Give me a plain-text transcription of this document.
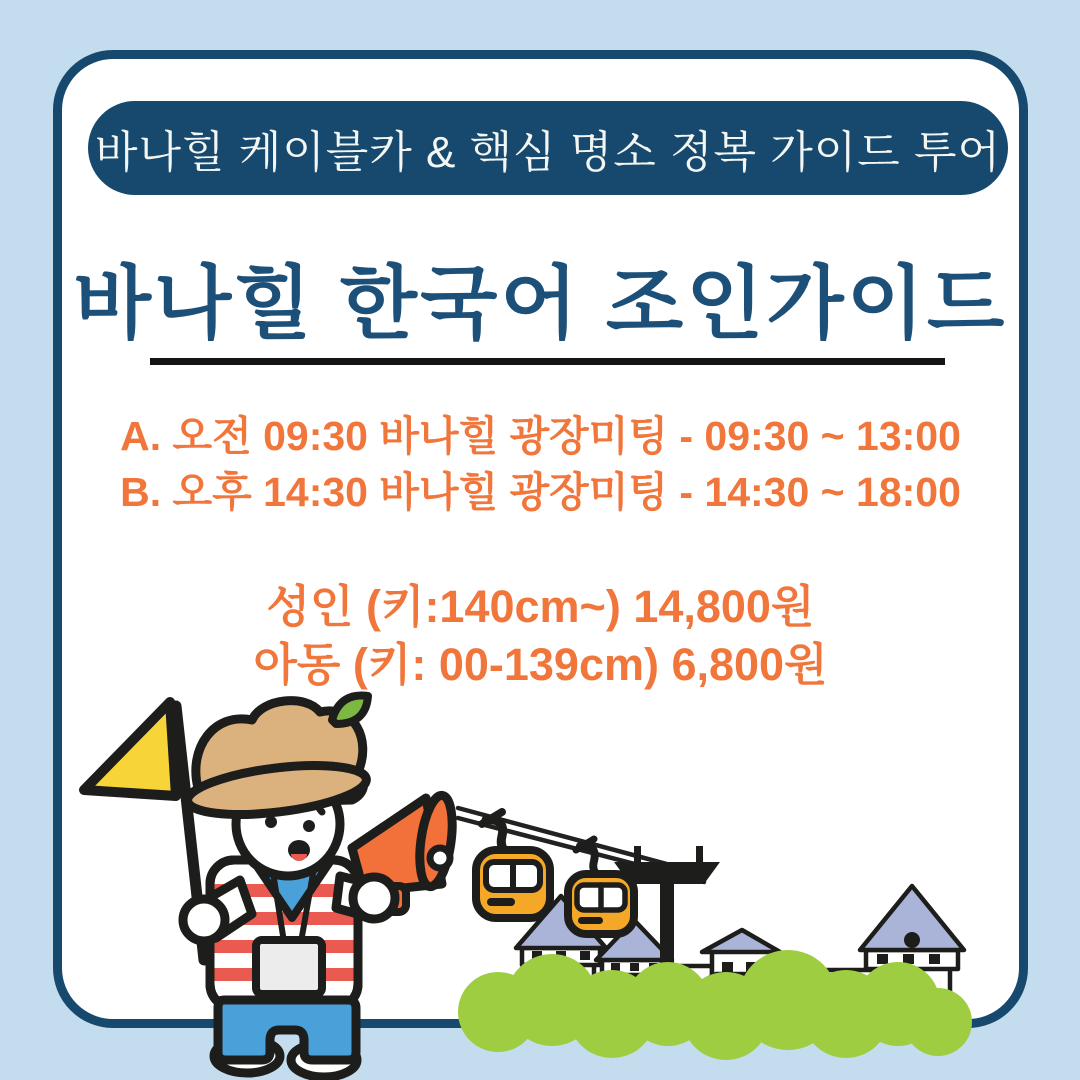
바나힐 케이블카 & 핵심 명소 정복 가이드 투어
바나힐 한국어 조인가이드

A. 오전 09:30 바나힐 광장미팅 - 09:30 ~ 13:00

B. 오후 14:30 바나힐 광장미팅 - 14:30 ~ 18:00

성인 (키:140cm~) 14,800원

아동 (키: 00-139cm) 6,800원
